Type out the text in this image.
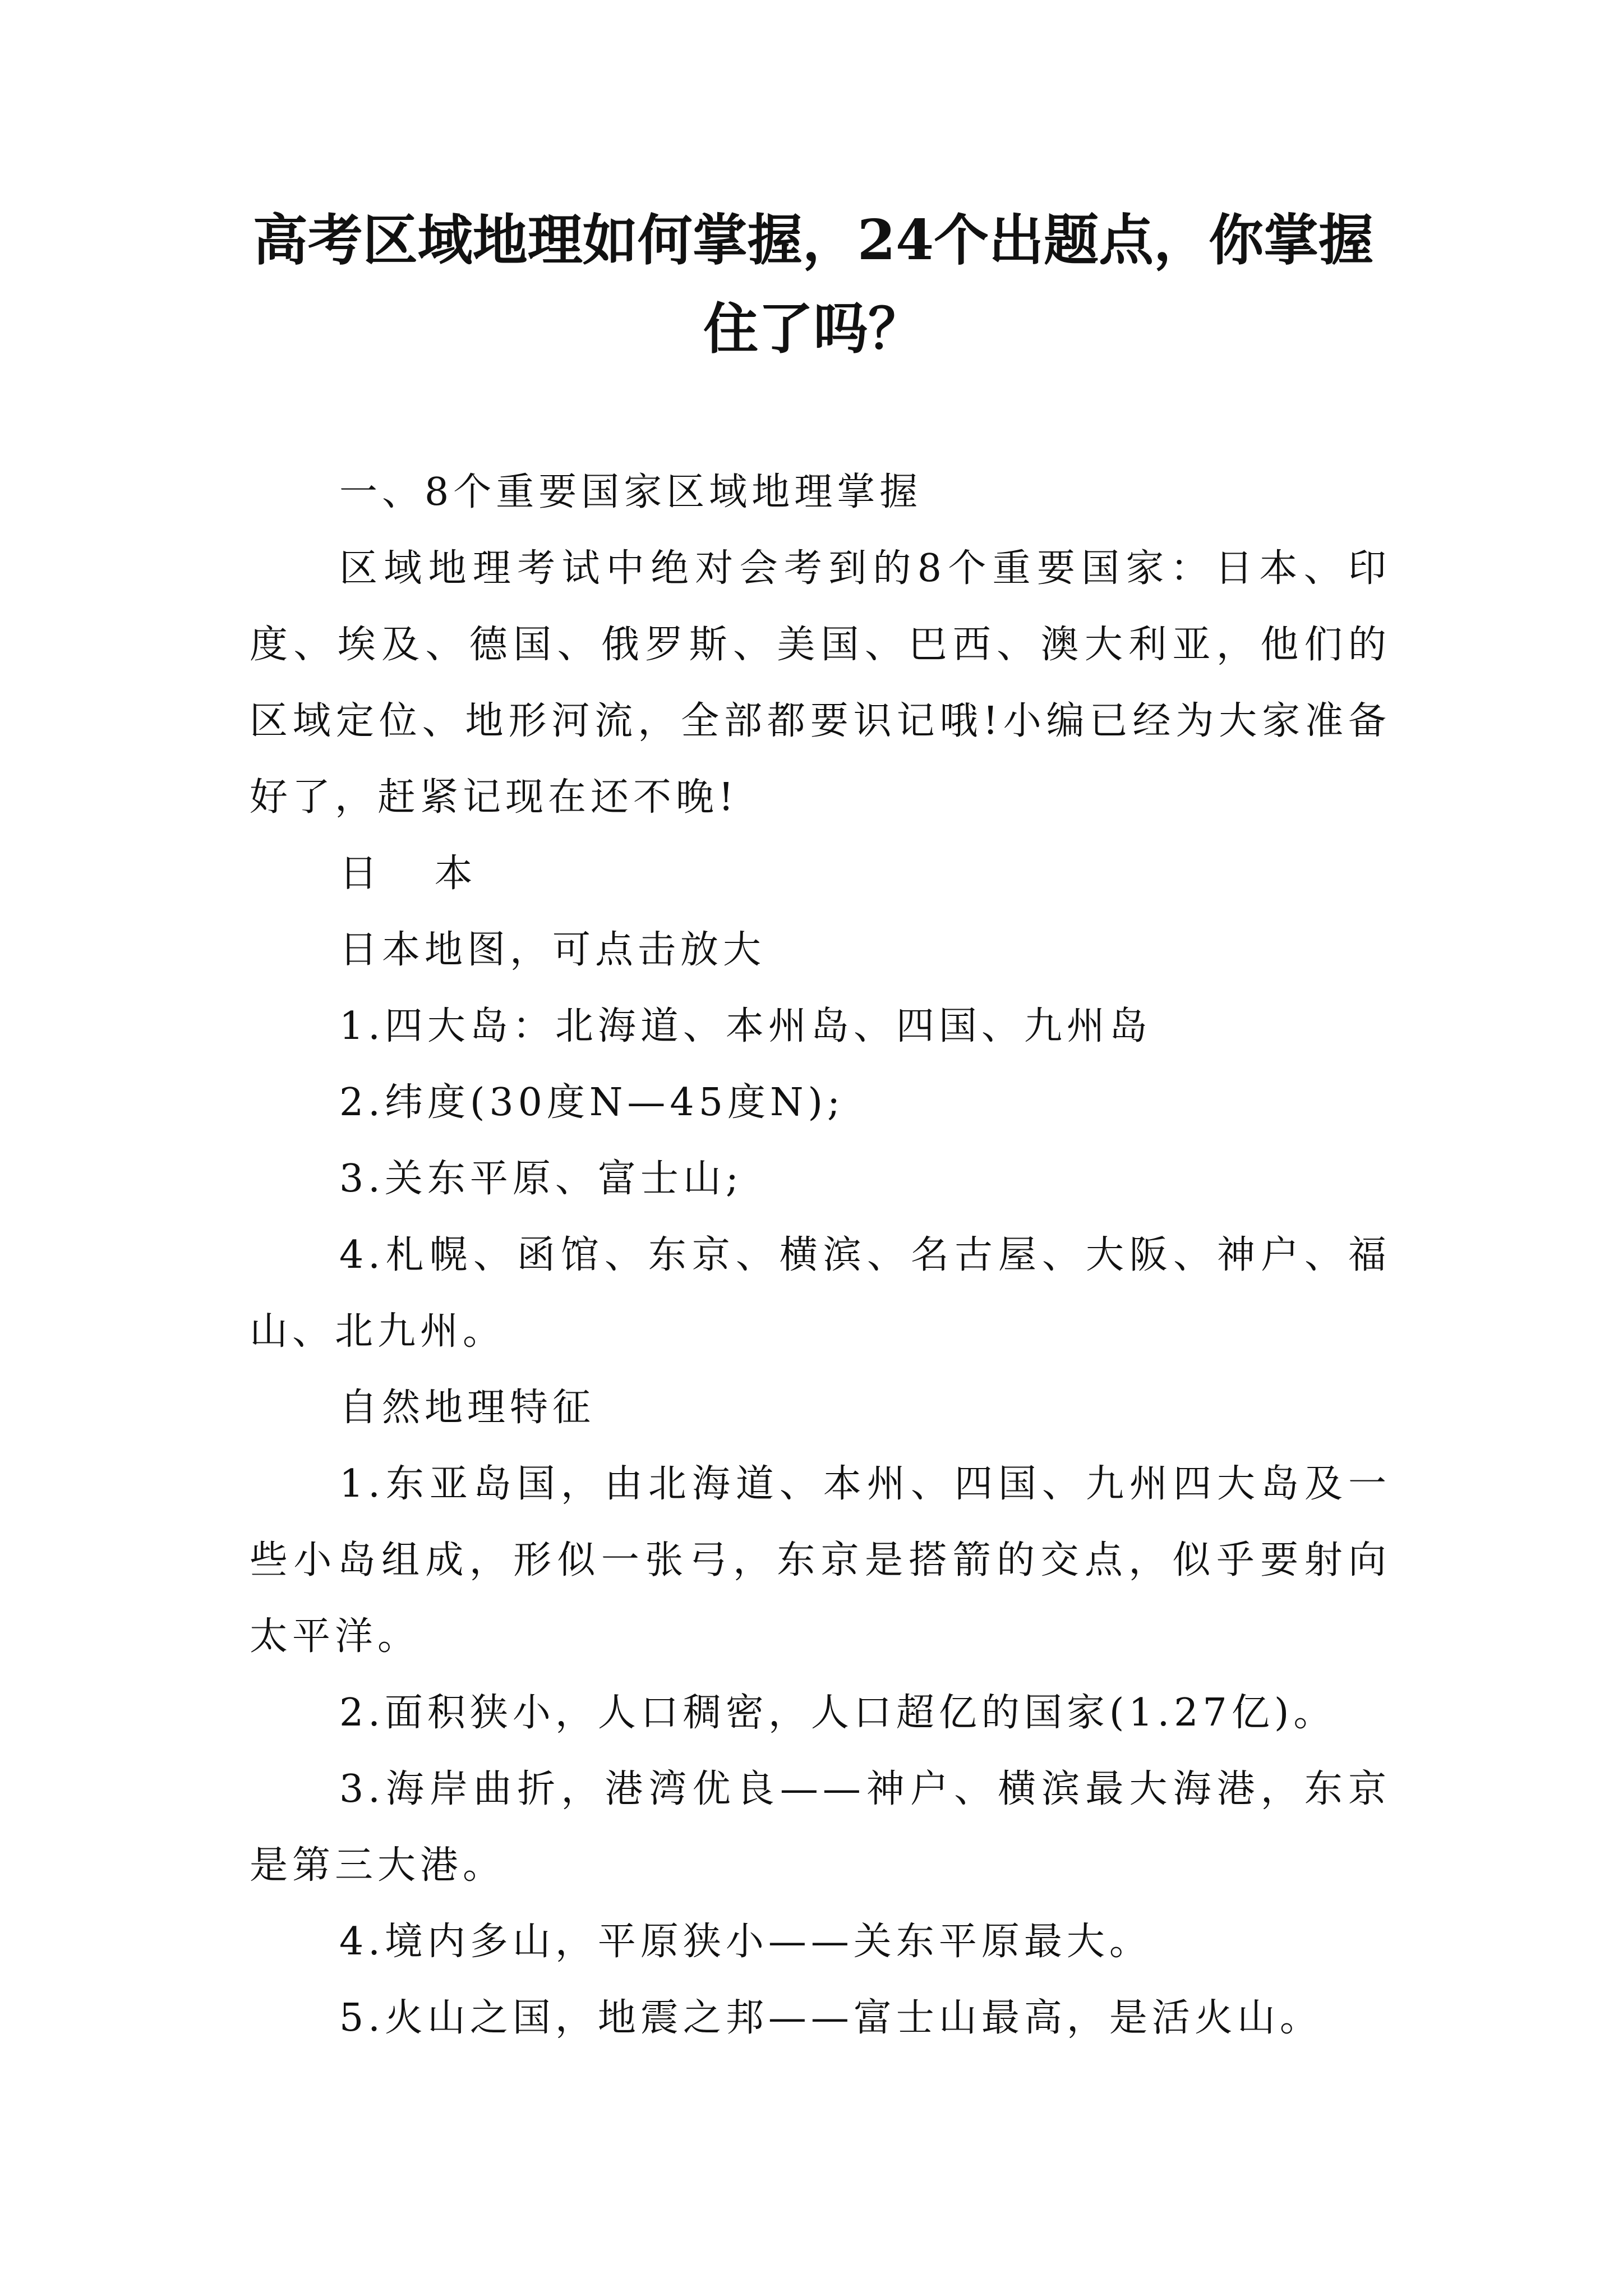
高考区域地理如何掌握，24个出题点，你掌握住了吗？

一、8个重要国家区域地理掌握

区域地理考试中绝对会考到的8个重要国家：日本、印度、埃及、德国、俄罗斯、美国、巴西、澳大利亚，他们的区域定位、地形河流，全部都要识记哦!小编已经为大家准备好了，赶紧记现在还不晚!

日 本

日本地图，可点击放大

1.四大岛：北海道、本州岛、四国、九州岛

2.纬度(30度N—45度N);

3.关东平原、富士山;

4.札幌、函馆、东京、横滨、名古屋、大阪、神户、福山、北九州。

自然地理特征

1.东亚岛国，由北海道、本州、四国、九州四大岛及一些小岛组成，形似一张弓，东京是搭箭的交点，似乎要射向太平洋。

2.面积狭小，人口稠密，人口超亿的国家(1.27亿)。

3.海岸曲折，港湾优良——神户、横滨最大海港，东京是第三大港。

4.境内多山，平原狭小——关东平原最大。

5.火山之国，地震之邦——富士山最高，是活火山。
